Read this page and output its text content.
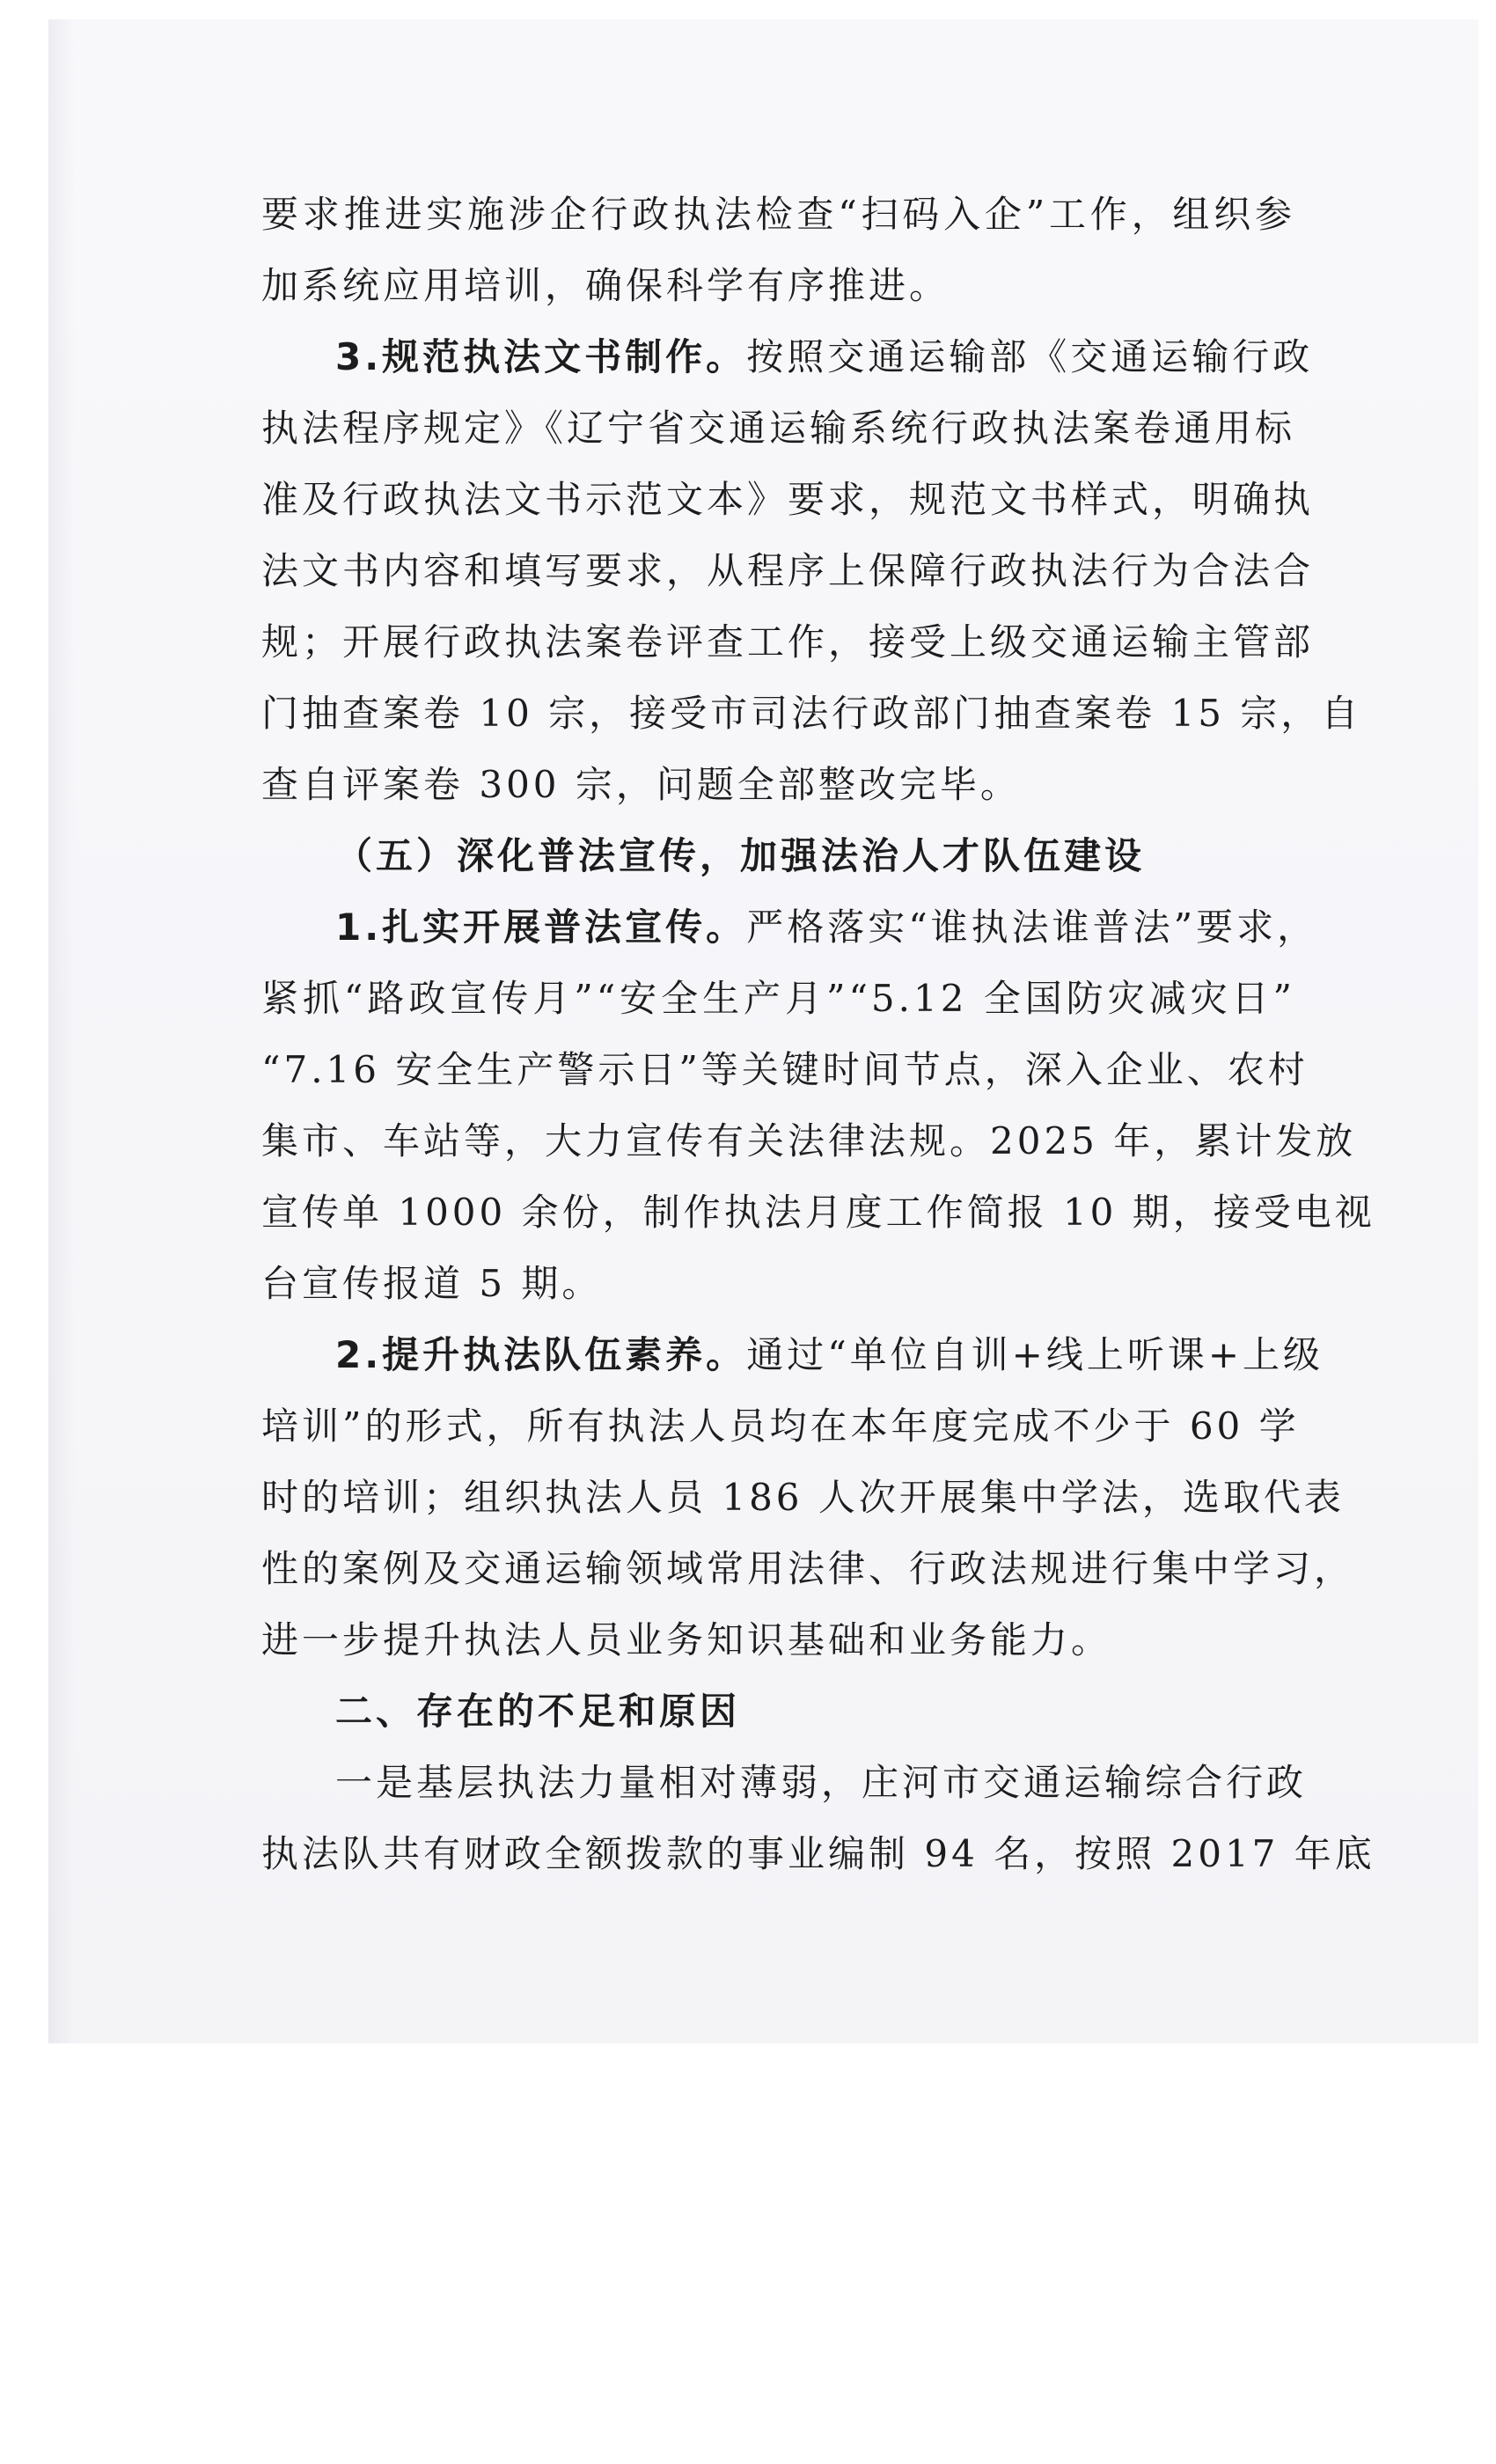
要求推进实施涉企行政执法检查“扫码入企”工作，组织参
加系统应用培训，确保科学有序推进。
3.规范执法文书制作。按照交通运输部《交通运输行政
执法程序规定》《辽宁省交通运输系统行政执法案卷通用标
准及行政执法文书示范文本》要求，规范文书样式，明确执
法文书内容和填写要求，从程序上保障行政执法行为合法合
规；开展行政执法案卷评查工作，接受上级交通运输主管部
门抽查案卷 10 宗，接受市司法行政部门抽查案卷 15 宗，自
查自评案卷 300 宗，问题全部整改完毕。
（五）深化普法宣传，加强法治人才队伍建设
1.扎实开展普法宣传。严格落实“谁执法谁普法”要求，
紧抓“路政宣传月”“安全生产月”“5.12 全国防灾减灾日”
“7.16 安全生产警示日”等关键时间节点，深入企业、农村
集市、车站等，大力宣传有关法律法规。2025 年，累计发放
宣传单 1000 余份，制作执法月度工作简报 10 期，接受电视
台宣传报道 5 期。
2.提升执法队伍素养。通过“单位自训+线上听课+上级
培训”的形式，所有执法人员均在本年度完成不少于 60 学
时的培训；组织执法人员 186 人次开展集中学法，选取代表
性的案例及交通运输领域常用法律、行政法规进行集中学习，
进一步提升执法人员业务知识基础和业务能力。
二、存在的不足和原因
一是基层执法力量相对薄弱，庄河市交通运输综合行政
执法队共有财政全额拨款的事业编制 94 名，按照 2017 年底
